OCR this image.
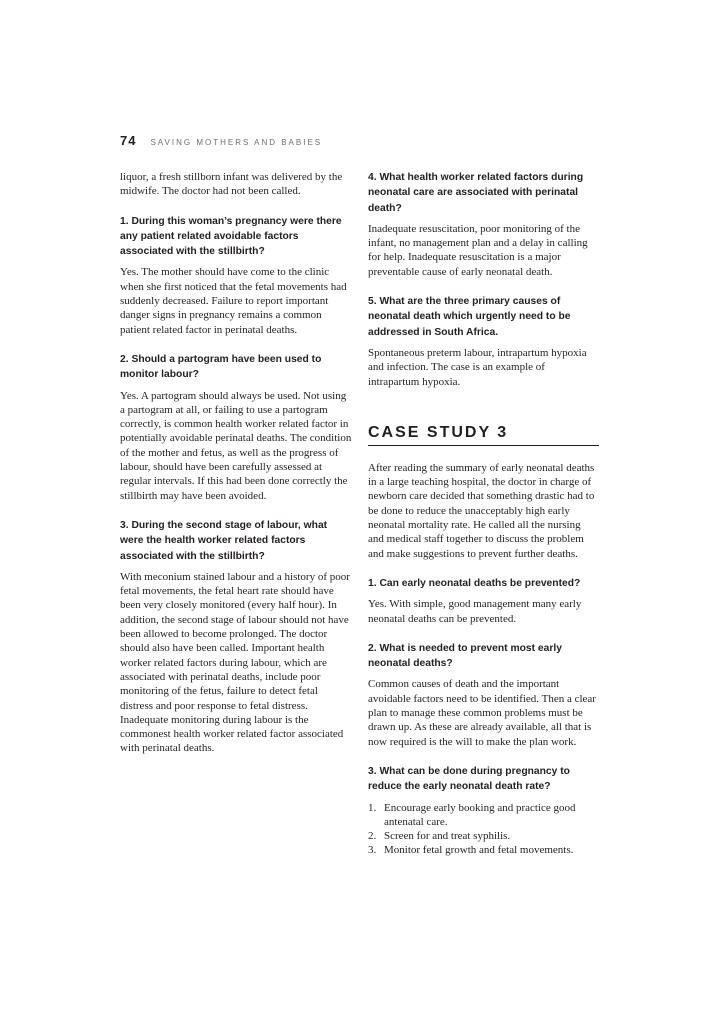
74 SAVING MOTHERS AND BABIES

liquor, a fresh stillborn infant was delivered by the midwife. The doctor had not been called.

1. During this woman’s pregnancy were there any patient related avoidable factors associated with the stillbirth?

Yes. The mother should have come to the clinic when she first noticed that the fetal movements had suddenly decreased. Failure to report important danger signs in pregnancy remains a common patient related factor in perinatal deaths.

2. Should a partogram have been used to monitor labour?

Yes. A partogram should always be used. Not using a partogram at all, or failing to use a partogram correctly, is common health worker related factor in potentially avoidable perinatal deaths. The condition of the mother and fetus, as well as the progress of labour, should have been carefully assessed at regular intervals. If this had been done correctly the stillbirth may have been avoided.

3. During the second stage of labour, what were the health worker related factors associated with the stillbirth?

With meconium stained labour and a history of poor fetal movements, the fetal heart rate should have been very closely monitored (every half hour). In addition, the second stage of labour should not have been allowed to become prolonged. The doctor should also have been called. Important health worker related factors during labour, which are associated with perinatal deaths, include poor monitoring of the fetus, failure to detect fetal distress and poor response to fetal distress. Inadequate monitoring during labour is the commonest health worker related factor associated with perinatal deaths.

4. What health worker related factors during neonatal care are associated with perinatal death?

Inadequate resuscitation, poor monitoring of the infant, no management plan and a delay in calling for help. Inadequate resuscitation is a major preventable cause of early neonatal death.

5. What are the three primary causes of neonatal death which urgently need to be addressed in South Africa.

Spontaneous preterm labour, intrapartum hypoxia and infection. The case is an example of intrapartum hypoxia.

CASE STUDY 3

After reading the summary of early neonatal deaths in a large teaching hospital, the doctor in charge of newborn care decided that something drastic had to be done to reduce the unacceptably high early neonatal mortality rate. He called all the nursing and medical staff together to discuss the problem and make suggestions to prevent further deaths.

1. Can early neonatal deaths be prevented?

Yes. With simple, good management many early neonatal deaths can be prevented.

2. What is needed to prevent most early neonatal deaths?

Common causes of death and the important avoidable factors need to be identified. Then a clear plan to manage these common problems must be drawn up. As these are already available, all that is now required is the will to make the plan work.

3. What can be done during pregnancy to reduce the early neonatal death rate?
1. Encourage early booking and practice good antenatal care.
2. Screen for and treat syphilis.
3. Monitor fetal growth and fetal movements.
